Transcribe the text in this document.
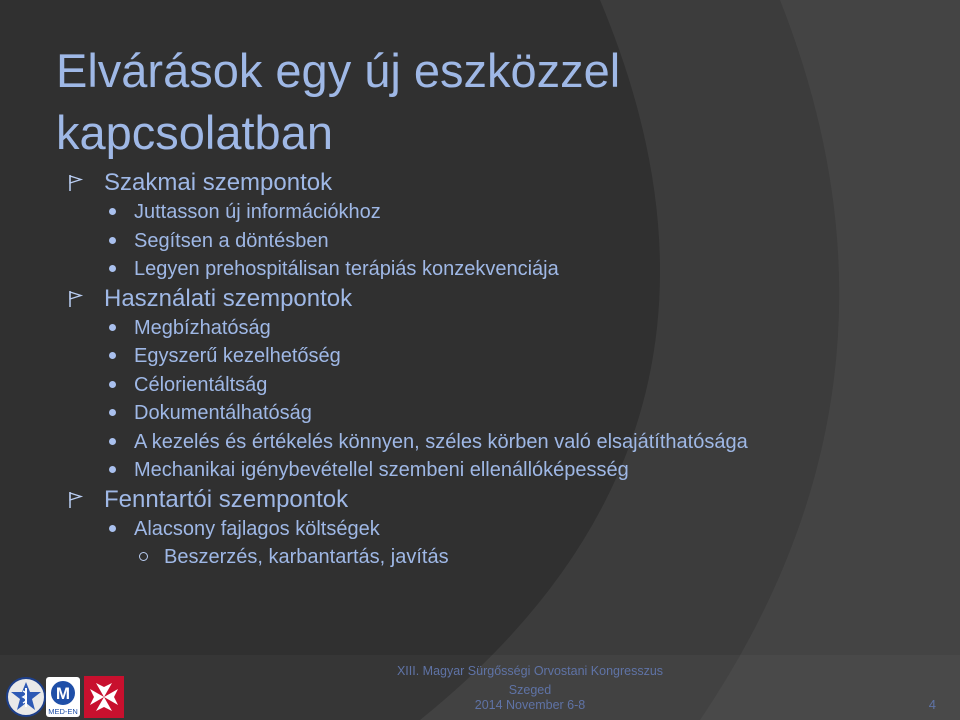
Elvárások egy új eszközzel
kapcsolatban
Szakmai szempontok
Juttasson új információkhoz
Segítsen a döntésben
Legyen prehospitálisan terápiás konzekvenciája
Használati szempontok
Megbízhatóság
Egyszerű kezelhetőség
Célorientáltság
Dokumentálhatóság
A kezelés és értékelés könnyen, széles körben való elsajátíthatósága
Mechanikai igénybevétellel szembeni ellenállóképesség
Fenntartói szempontok
Alacsony fajlagos költségek
Beszerzés, karbantartás, javítás
M
MED-EN
XIII. Magyar Sürgősségi Orvostani Kongresszus
Szeged
2014 November 6-8	4
